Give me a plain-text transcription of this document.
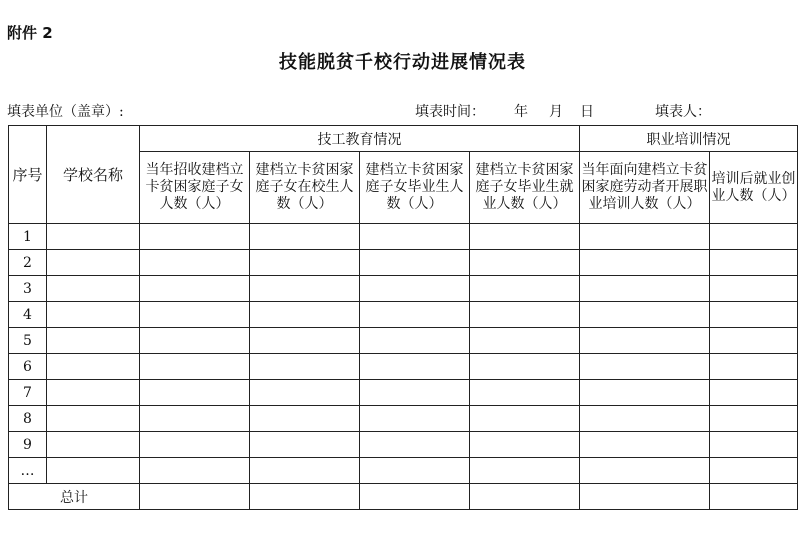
附件 2
技能脱贫千校行动进展情况表
填表单位（盖章）:	填表时间： 年 月 日	填表人：
序号	学校名称	技工教育情况				职业培训情况	
		当年招收建档立卡贫困家庭子女人数（人）	建档立卡贫困家庭子女在校生人数（人）	建档立卡贫困家庭子女毕业生人数（人）	建档立卡贫困家庭子女毕业生就业人数（人）	当年面向建档立卡贫困家庭劳动者开展职业培训人数（人）	培训后就业创业人数（人）
1							
2							
3							
4							
5							
6							
7							
8							
9							
…							
总计							
